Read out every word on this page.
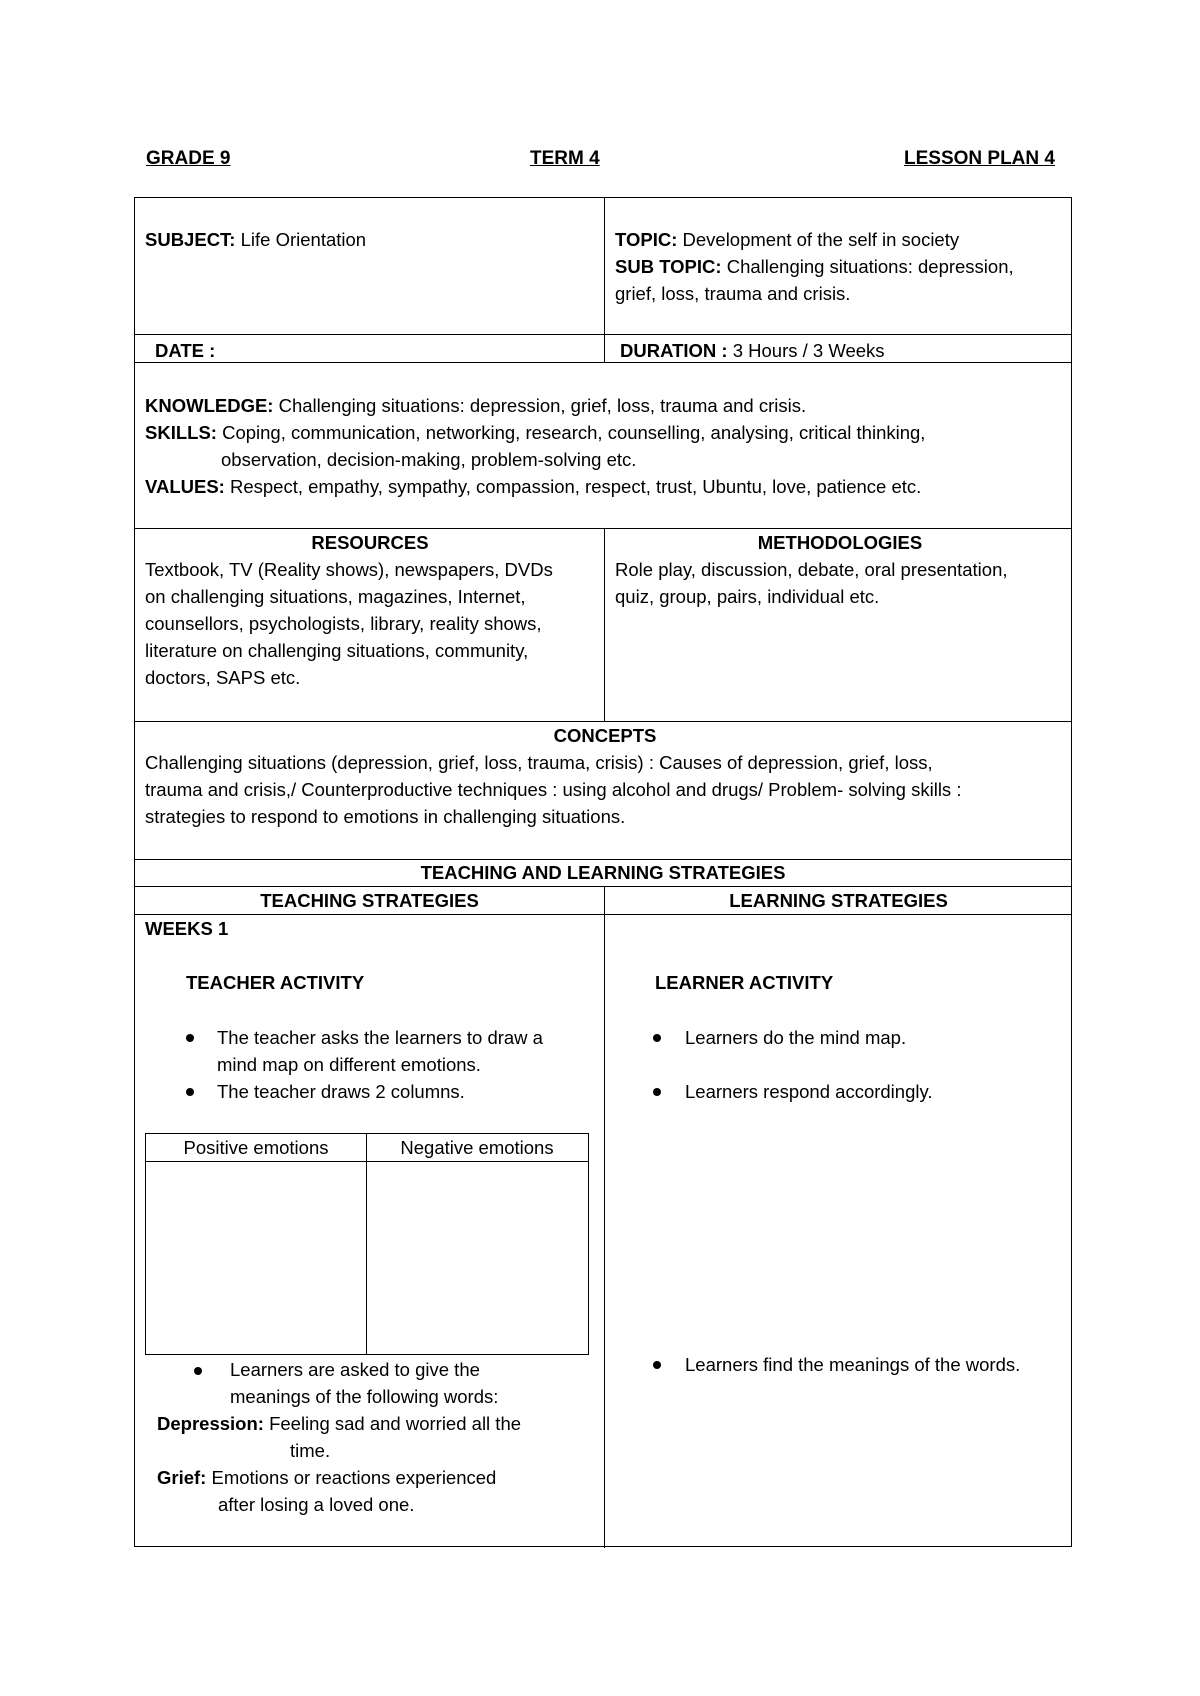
GRADE 9	TERM 4	LESSON PLAN 4
SUBJECT: Life Orientation	TOPIC: Development of the self in society
SUB TOPIC: Challenging situations: depression,
grief, loss, trauma and crisis.
DATE :	DURATION : 3 Hours / 3 Weeks
KNOWLEDGE: Challenging situations: depression, grief, loss, trauma and crisis.
SKILLS: Coping, communication, networking, research, counselling, analysing, critical thinking,
observation, decision-making, problem-solving etc.
VALUES: Respect, empathy, sympathy, compassion, respect, trust, Ubuntu, love, patience etc.
RESOURCES
Textbook, TV (Reality shows), newspapers, DVDs
on challenging situations, magazines, Internet,
counsellors, psychologists, library, reality shows,
literature on challenging situations, community,
doctors, SAPS etc.
METHODOLOGIES
Role play, discussion, debate, oral presentation,
quiz, group, pairs, individual etc.
CONCEPTS
Challenging situations (depression, grief, loss, trauma, crisis) : Causes of depression, grief, loss,
trauma and crisis,/ Counterproductive techniques : using alcohol and drugs/ Problem- solving skills :
strategies to respond to emotions in challenging situations.
TEACHING AND LEARNING STRATEGIES
TEACHING STRATEGIES	LEARNING STRATEGIES
WEEKS 1
TEACHER ACTIVITY
The teacher asks the learners to draw a
mind map on different emotions.
The teacher draws 2 columns.
Positive emotions	Negative emotions
Learners are asked to give the
meanings of the following words:
Depression: Feeling sad and worried all the
time.
Grief: Emotions or reactions experienced
after losing a loved one.
LEARNER ACTIVITY
Learners do the mind map.
Learners respond accordingly.
Learners find the meanings of the words.
